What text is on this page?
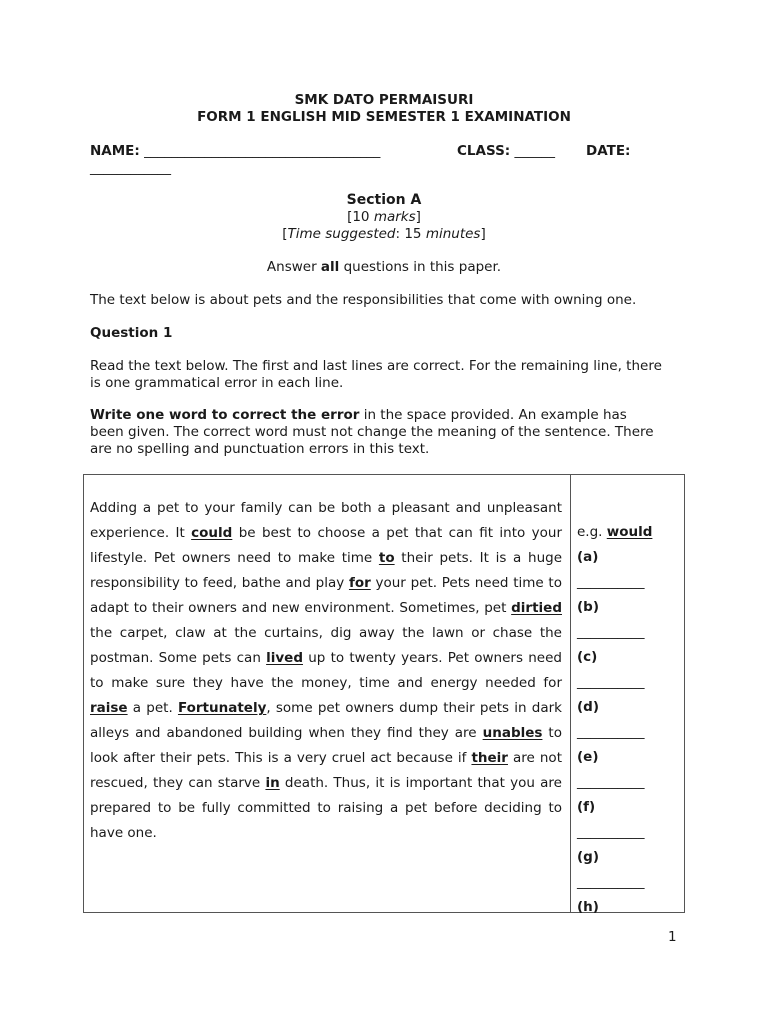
SMK DATO PERMAISURI
FORM 1 ENGLISH MID SEMESTER 1 EXAMINATION
NAME: ___________________________________	CLASS: ______ DATE:
____________
Section A
[10 marks]
[Time suggested: 15 minutes]
Answer all questions in this paper.
The text below is about pets and the responsibilities that come with owning one.
Question 1
Read the text below. The first and last lines are correct. For the remaining line, there
is one grammatical error in each line.
Write one word to correct the error in the space provided. An example has
been given. The correct word must not change the meaning of the sentence. There
are no spelling and punctuation errors in this text.
Adding a pet to your family can be both a pleasant and unpleasant experience. It could be best to choose a pet that can fit into your lifestyle. Pet owners need to make time to their pets. It is a huge responsibility to feed, bathe and play for your pet. Pets need time to adapt to their owners and new environment. Sometimes, pet dirtied the carpet, claw at the curtains, dig away the lawn or chase the postman. Some pets can lived up to twenty years. Pet owners need to make sure they have the money, time and energy needed for raise a pet. Fortunately, some pet owners dump their pets in dark alleys and abandoned building when they find they are unables to look after their pets. This is a very cruel act because if their are not rescued, they can starve in death. Thus, it is important that you are prepared to be fully committed to raising a pet before deciding to have one.
e.g. would
(a)
__________
(b)
__________
(c)
__________
(d)
__________
(e)
__________
(f)
__________
(g)
__________
(h)
1
